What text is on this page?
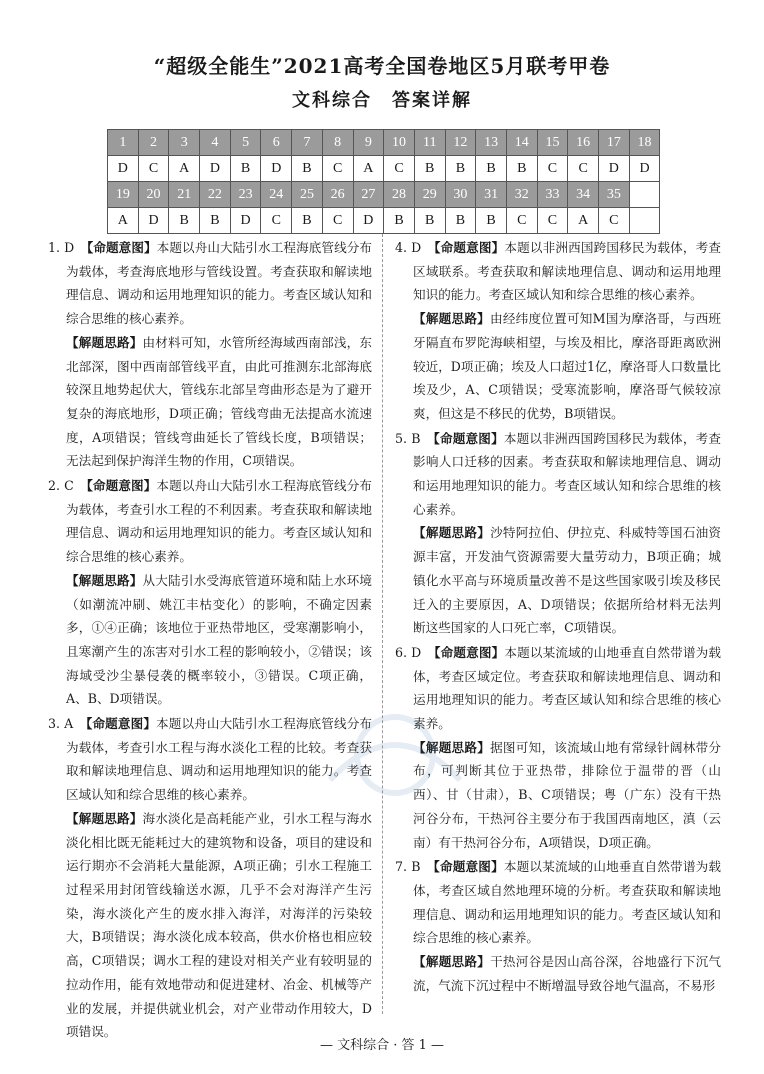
“超级全能生”2021高考全国卷地区5月联考甲卷
文科综合　答案详解
1	2	3	4	5	6	7	8	9	10	11	12	13	14	15	16	17	18
D	C	A	D	B	D	B	C	A	C	B	B	B	B	C	C	D	D
19	20	21	22	23	24	25	26	27	28	29	30	31	32	33	34	35	
A	D	B	B	D	C	B	C	D	B	B	B	B	C	C	A	C	
1. D　【命题意图】本题以舟山大陆引水工程海底管线分布为载体，考查海底地形与管线设置。考查获取和解读地理信息、调动和运用地理知识的能力。考查区域认知和综合思维的核心素养。
【解题思路】由材料可知，水管所经海域西南部浅，东北部深，图中西南部管线平直，由此可推测东北部海底较深且地势起伏大，管线东北部呈弯曲形态是为了避开复杂的海底地形，D项正确；管线弯曲无法提高水流速度，A项错误；管线弯曲延长了管线长度，B项错误；无法起到保护海洋生物的作用，C项错误。
2. C　【命题意图】本题以舟山大陆引水工程海底管线分布为载体，考查引水工程的不利因素。考查获取和解读地理信息、调动和运用地理知识的能力。考查区域认知和综合思维的核心素养。
【解题思路】从大陆引水受海底管道环境和陆上水环境（如潮流冲刷、姚江丰枯变化）的影响，不确定因素多，①④正确；该地位于亚热带地区，受寒潮影响小，且寒潮产生的冻害对引水工程的影响较小，②错误；该海域受沙尘暴侵袭的概率较小，③错误。C项正确，A、B、D项错误。
3. A　【命题意图】本题以舟山大陆引水工程海底管线分布为载体，考查引水工程与海水淡化工程的比较。考查获取和解读地理信息、调动和运用地理知识的能力。考查区域认知和综合思维的核心素养。
【解题思路】海水淡化是高耗能产业，引水工程与海水淡化相比既无能耗过大的建筑物和设备，项目的建设和运行期亦不会消耗大量能源，A项正确；引水工程施工过程采用封闭管线输送水源，几乎不会对海洋产生污染，海水淡化产生的废水排入海洋，对海洋的污染较大，B项错误；海水淡化成本较高，供水价格也相应较高，C项错误；调水工程的建设对相关产业有较明显的拉动作用，能有效地带动和促进建材、冶金、机械等产业的发展，并提供就业机会，对产业带动作用较大，D项错误。
4. D　【命题意图】本题以非洲西国跨国移民为载体，考查区域联系。考查获取和解读地理信息、调动和运用地理知识的能力。考查区域认知和综合思维的核心素养。
【解题思路】由经纬度位置可知M国为摩洛哥，与西班牙隔直布罗陀海峡相望，与埃及相比，摩洛哥距离欧洲较近，D项正确；埃及人口超过1亿，摩洛哥人口数量比埃及少，A、C项错误；受寒流影响，摩洛哥气候较凉爽，但这是不移民的优势，B项错误。
5. B　【命题意图】本题以非洲西国跨国移民为载体，考查影响人口迁移的因素。考查获取和解读地理信息、调动和运用地理知识的能力。考查区域认知和综合思维的核心素养。
【解题思路】沙特阿拉伯、伊拉克、科威特等国石油资源丰富，开发油气资源需要大量劳动力，B项正确；城镇化水平高与环境质量改善不是这些国家吸引埃及移民迁入的主要原因，A、D项错误；依据所给材料无法判断这些国家的人口死亡率，C项错误。
6. D　【命题意图】本题以某流域的山地垂直自然带谱为载体，考查区域定位。考查获取和解读地理信息、调动和运用地理知识的能力。考查区域认知和综合思维的核心素养。
【解题思路】据图可知，该流域山地有常绿针阔林带分布，可判断其位于亚热带，排除位于温带的晋（山西）、甘（甘肃），B、C项错误；粤（广东）没有干热河谷分布，干热河谷主要分布于我国西南地区，滇（云南）有干热河谷分布，A项错误，D项正确。
7. B　【命题意图】本题以某流域的山地垂直自然带谱为载体，考查区域自然地理环境的分析。考查获取和解读地理信息、调动和运用地理知识的能力。考查区域认知和综合思维的核心素养。
【解题思路】干热河谷是因山高谷深，谷地盛行下沉气流，气流下沉过程中不断增温导致谷地气温高，不易形
— 文科综合 · 答 1 —
